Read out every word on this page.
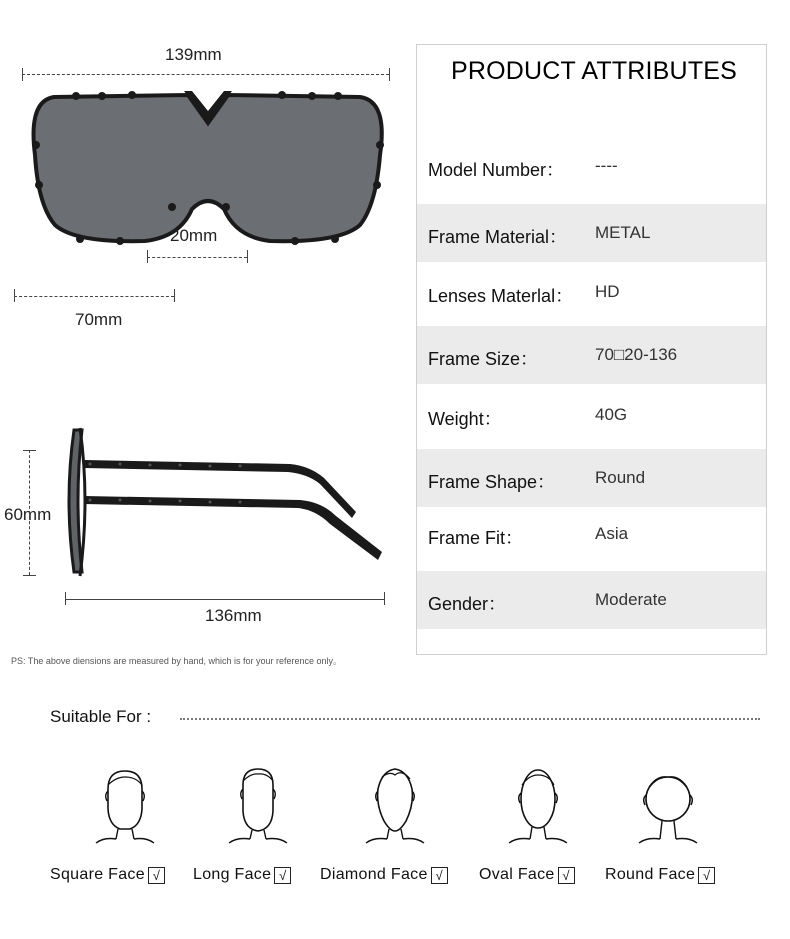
139mm
20mm
70mm
60mm
136mm
PS: The above diensions are measured by hand, which is for your reference only。
PRODUCT ATTRIBUTES
Model Number： ----
Frame Material： METAL
Lenses Materlal： HD
Frame Size：	70□20-136
Weight：	40G
Frame Shape： Round
Frame Fit：	Asia
Gender：	Moderate
Suitable For :
Square Face √ Long Face √ Diamond Face √ Oval Face √ Round Face √
